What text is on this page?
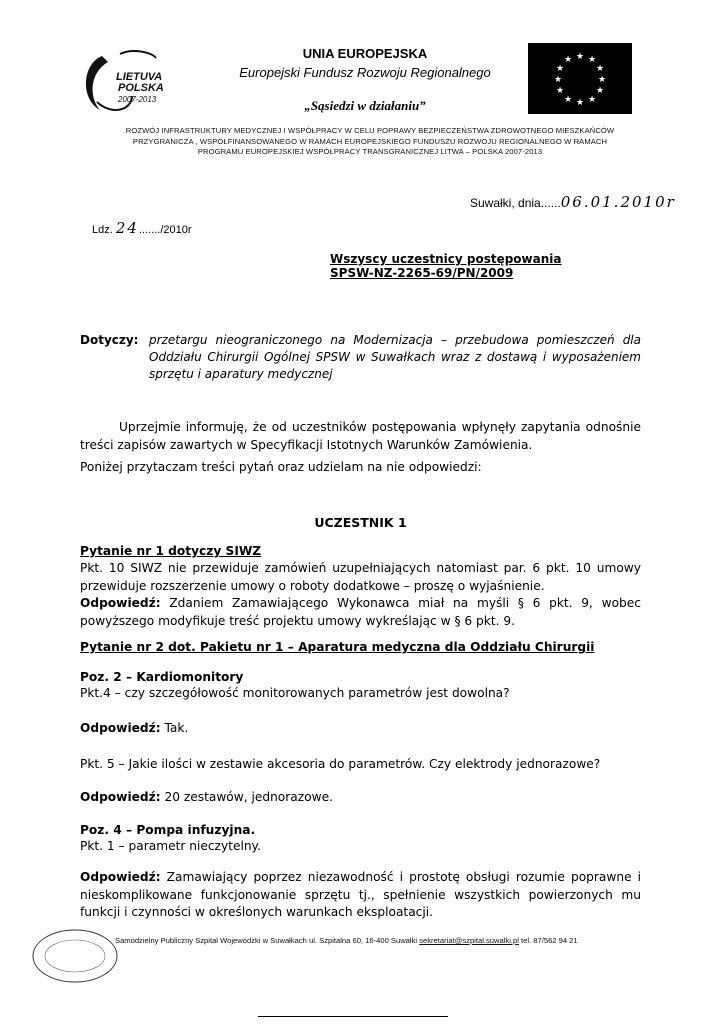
LIETUVA
POLSKA
2007-2013
UNIA EUROPEJSKA
Europejski Fundusz Rozwoju Regionalnego
„Sąsiedzi w działaniu”
★ ★
★
★
★
★
★
★
★
★
★
★
ROZWÓJ INFRASTRUKTURY MEDYCZNEJ I WSPÓŁPRACY W CELU POPRAWY BEZPIECZEŃSTWA ZDROWOTNEGO MIESZKAŃCÓW
PRZYGRANICZA , WSPÓŁFINANSOWANEGO W RAMACH EUROPEJSKIEGO FUNDUSZU ROZWOJU REGIONALNEGO W RAMACH
PROGRAMU EUROPEJSKIEJ WSPÓŁPRACY TRANSGRANICZNEJ LITWA – POLSKA 2007-2013
Suwałki, dnia......06.01.2010r
Ldz. 24......./2010r
Wszyscy uczestnicy postępowania
SPSW-NZ-2265-69/PN/2009
Dotyczy: przetargu nieograniczonego na Modernizacja – przebudowa pomieszczeń dla Oddziału Chirurgii Ogólnej SPSW w Suwałkach wraz z dostawą i wyposażeniem sprzętu i aparatury medycznej
Uprzejmie informuję, że od uczestników postępowania wpłynęły zapytania odnośnie treści zapisów zawartych w Specyfikacji Istotnych Warunków Zamówienia.
Poniżej przytaczam treści pytań oraz udzielam na nie odpowiedzi:
UCZESTNIK 1
Pytanie nr 1 dotyczy SIWZ
Pkt. 10 SIWZ nie przewiduje zamówień uzupełniających natomiast par. 6 pkt. 10 umowy przewiduje rozszerzenie umowy o roboty dodatkowe – proszę o wyjaśnienie.
Odpowiedź: Zdaniem Zamawiającego Wykonawca miał na myśli § 6 pkt. 9, wobec powyższego modyfikuje treść projektu umowy wykreślając w § 6 pkt. 9.
Pytanie nr 2 dot. Pakietu nr 1 – Aparatura medyczna dla Oddziału Chirurgii
Poz. 2 – Kardiomonitory
Pkt.4 – czy szczegółowość monitorowanych parametrów jest dowolna?
Odpowiedź: Tak.
Pkt. 5 – Jakie ilości w zestawie akcesoria do parametrów. Czy elektrody jednorazowe?
Odpowiedź: 20 zestawów, jednorazowe.
Poz. 4 – Pompa infuzyjna.
Pkt. 1 – parametr nieczytelny.
Odpowiedź: Zamawiający poprzez niezawodność i prostotę obsługi rozumie poprawne i nieskomplikowane funkcjonowanie sprzętu tj., spełnienie wszystkich powierzonych mu funkcji i czynności w określonych warunkach eksploatacji.
Samodzielny Publiczny Szpital Wojewódzki w Suwałkach ul. Szpitalna 60, 16-400 Suwałki sekretariat@szpital.suwalki.pl tel. 87/562 94 21
